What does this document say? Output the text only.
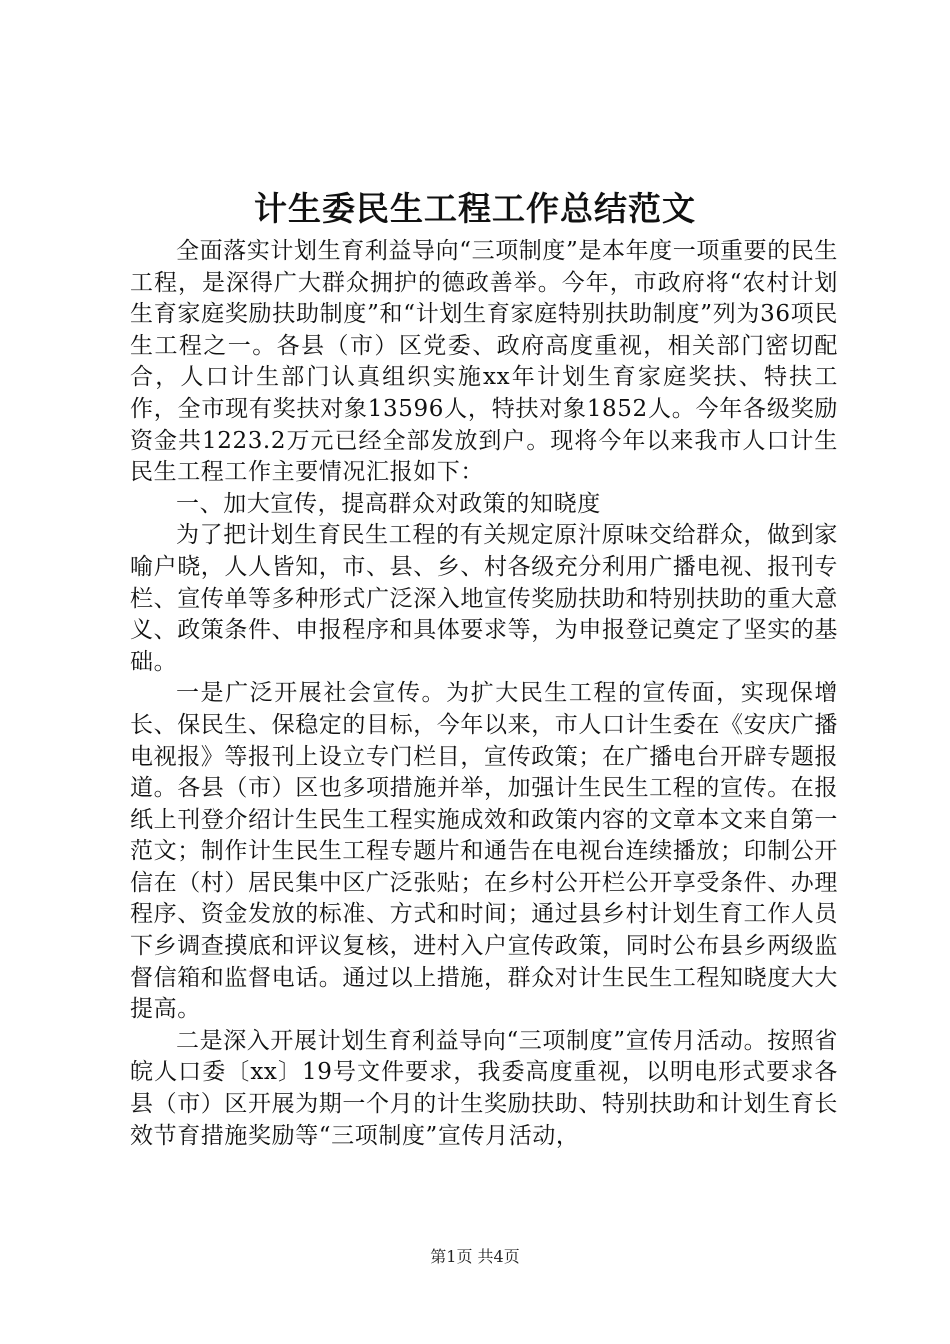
计生委民生工程工作总结范文

全面落实计划生育利益导向“三项制度”是本年度一项重要的民生工程，是深得广大群众拥护的德政善举。今年，市政府将“农村计划生育家庭奖励扶助制度”和“计划生育家庭特别扶助制度”列为36项民生工程之一。各县（市）区党委、政府高度重视，相关部门密切配合，人口计生部门认真组织实施xx年计划生育家庭奖扶、特扶工作，全市现有奖扶对象13596人，特扶对象1852人。今年各级奖励资金共1223.2万元已经全部发放到户。现将今年以来我市人口计生民生工程工作主要情况汇报如下：

一、加大宣传，提高群众对政策的知晓度

为了把计划生育民生工程的有关规定原汁原味交给群众，做到家喻户晓，人人皆知，市、县、乡、村各级充分利用广播电视、报刊专栏、宣传单等多种形式广泛深入地宣传奖励扶助和特别扶助的重大意义、政策条件、申报程序和具体要求等，为申报登记奠定了坚实的基础。

一是广泛开展社会宣传。为扩大民生工程的宣传面，实现保增长、保民生、保稳定的目标，今年以来，市人口计生委在《安庆广播电视报》等报刊上设立专门栏目，宣传政策；在广播电台开辟专题报道。各县（市）区也多项措施并举，加强计生民生工程的宣传。在报纸上刊登介绍计生民生工程实施成效和政策内容的文章本文来自第一范文；制作计生民生工程专题片和通告在电视台连续播放；印制公开信在（村）居民集中区广泛张贴；在乡村公开栏公开享受条件、办理程序、资金发放的标准、方式和时间；通过县乡村计划生育工作人员下乡调查摸底和评议复核，进村入户宣传政策，同时公布县乡两级监督信箱和监督电话。通过以上措施，群众对计生民生工程知晓度大大提高。

二是深入开展计划生育利益导向“三项制度”宣传月活动。按照省皖人口委〔xx〕19号文件要求，我委高度重视，以明电形式要求各县（市）区开展为期一个月的计生奖励扶助、特别扶助和计划生育长效节育措施奖励等“三项制度”宣传月活动，

第1页 共4页
